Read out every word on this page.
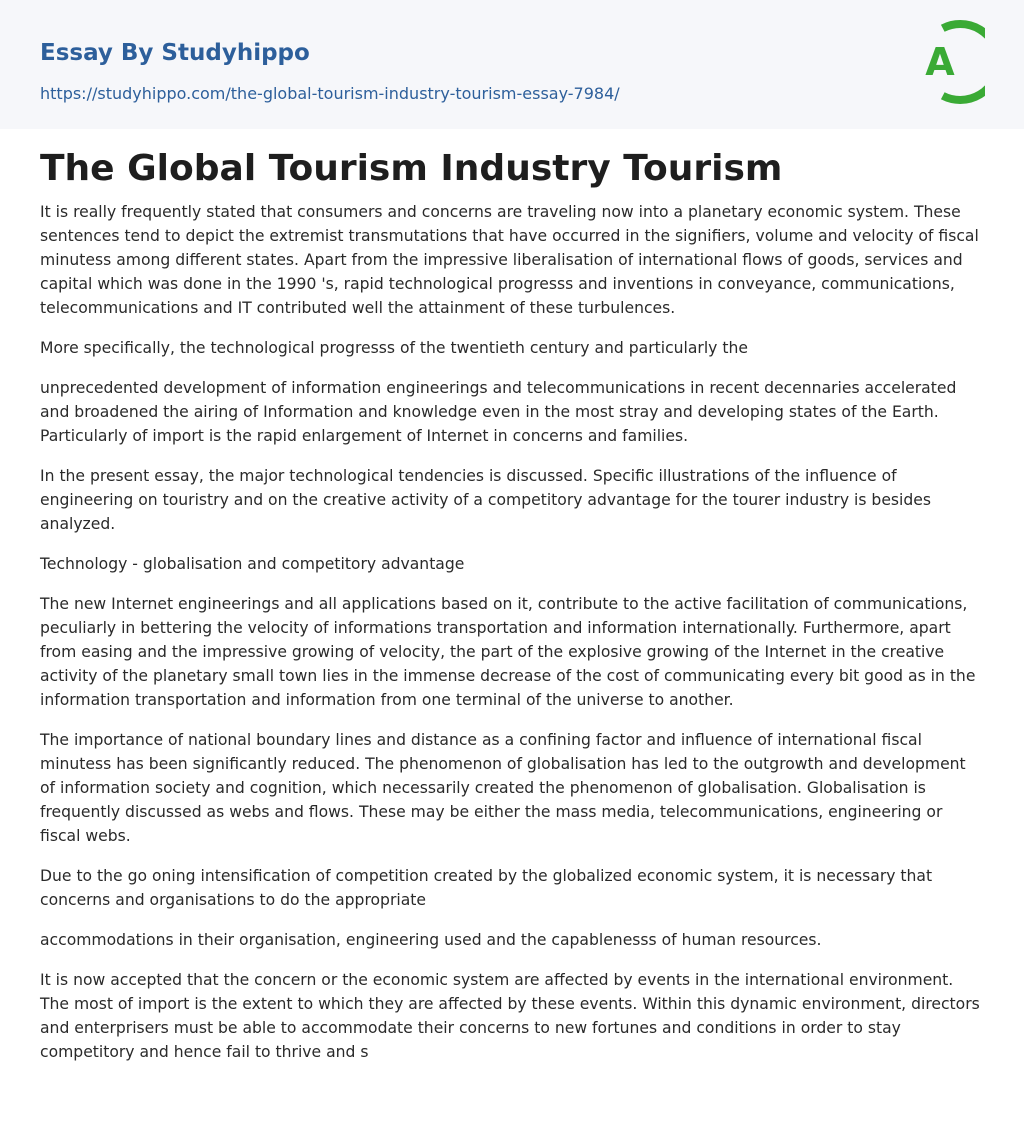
Essay By Studyhippo
https://studyhippo.com/the-global-tourism-industry-tourism-essay-7984/
A
The Global Tourism Industry Tourism

It is really frequently stated that consumers and concerns are traveling now into a planetary economic system. These sentences tend to depict the extremist transmutations that have occurred in the signifiers, volume and velocity of fiscal minutess among different states. Apart from the impressive liberalisation of international flows of goods, services and capital which was done in the 1990 's, rapid technological progresss and inventions in conveyance, communications, telecommunications and IT contributed well the attainment of these turbulences.

More specifically, the technological progresss of the twentieth century and particularly the

unprecedented development of information engineerings and telecommunications in recent decennaries accelerated and broadened the airing of Information and knowledge even in the most stray and developing states of the Earth. Particularly of import is the rapid enlargement of Internet in concerns and families.

In the present essay, the major technological tendencies is discussed. Specific illustrations of the influence of engineering on touristry and on the creative activity of a competitory advantage for the tourer industry is besides analyzed.

Technology - globalisation and competitory advantage

The new Internet engineerings and all applications based on it, contribute to the active facilitation of communications, peculiarly in bettering the velocity of informations transportation and information internationally. Furthermore, apart from easing and the impressive growing of velocity, the part of the explosive growing of the Internet in the creative activity of the planetary small town lies in the immense decrease of the cost of communicating every bit good as in the information transportation and information from one terminal of the universe to another.

The importance of national boundary lines and distance as a confining factor and influence of international fiscal minutess has been significantly reduced. The phenomenon of globalisation has led to the outgrowth and development of information society and cognition, which necessarily created the phenomenon of globalisation. Globalisation is frequently discussed as webs and flows. These may be either the mass media, telecommunications, engineering or fiscal webs.

Due to the go oning intensification of competition created by the globalized economic system, it is necessary that concerns and organisations to do the appropriate

accommodations in their organisation, engineering used and the capablenesss of human resources.

It is now accepted that the concern or the economic system are affected by events in the international environment. The most of import is the extent to which they are affected by these events. Within this dynamic environment, directors and enterprisers must be able to accommodate their concerns to new fortunes and conditions in order to stay competitory and hence fail to thrive and s
